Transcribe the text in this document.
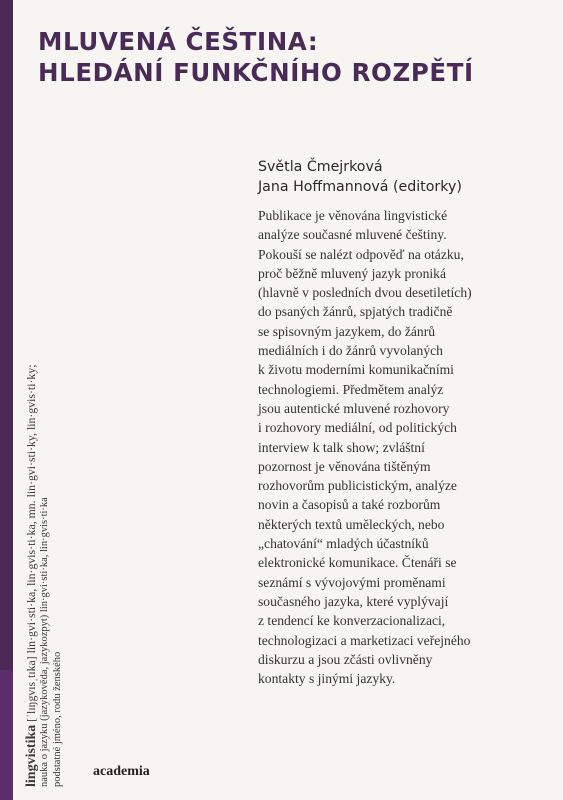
MLUVENÁ ČEŠTINA:
HLEDÁNÍ FUNKČNÍHO ROZPĚTÍ
Světla Čmejrková
Jana Hoffmannová (editorky)
Publikace je věnována lingvistické
analýze současné mluvené češtiny.
Pokouší se nalézt odpověď na otázku,
proč běžně mluvený jazyk proniká
(hlavně v posledních dvou desetiletích)
do psaných žánrů, spjatých tradičně
se spisovným jazykem, do žánrů
mediálních i do žánrů vyvolaných
k životu moderními komunikačními
technologiemi. Předmětem analýz
jsou autentické mluvené rozhovory
i rozhovory mediální, od politických
interview k talk show; zvláštní
pozornost je věnována tištěným
rozhovorům publicistickým, analýze
novin a časopisů a také rozborům
některých textů uměleckých, nebo
„chatování“ mladých účastníků
elektronické komunikace. Čtenáři se
seznámí s vývojovými proměnami
současného jazyka, které vyplývají
z tendencí ke konverzacionalizaci,
technologizaci a marketizaci veřejného
diskurzu a jsou zčásti ovlivněny
kontakty s jinými jazyky.
lingvistika [ˈlɪŋgvɪsˌtɪka] lin·gvi·sti·ka, lin·gvis·ti·ka, mn. lin·gvi·sti·ky, lin·gvis·ti·ky; nauka o jazyku (jazykověda, jazykozpyt) lin·gvi·sti·ka, lin·gvis·ti·ka podstatné jméno, rodu ženského academia
